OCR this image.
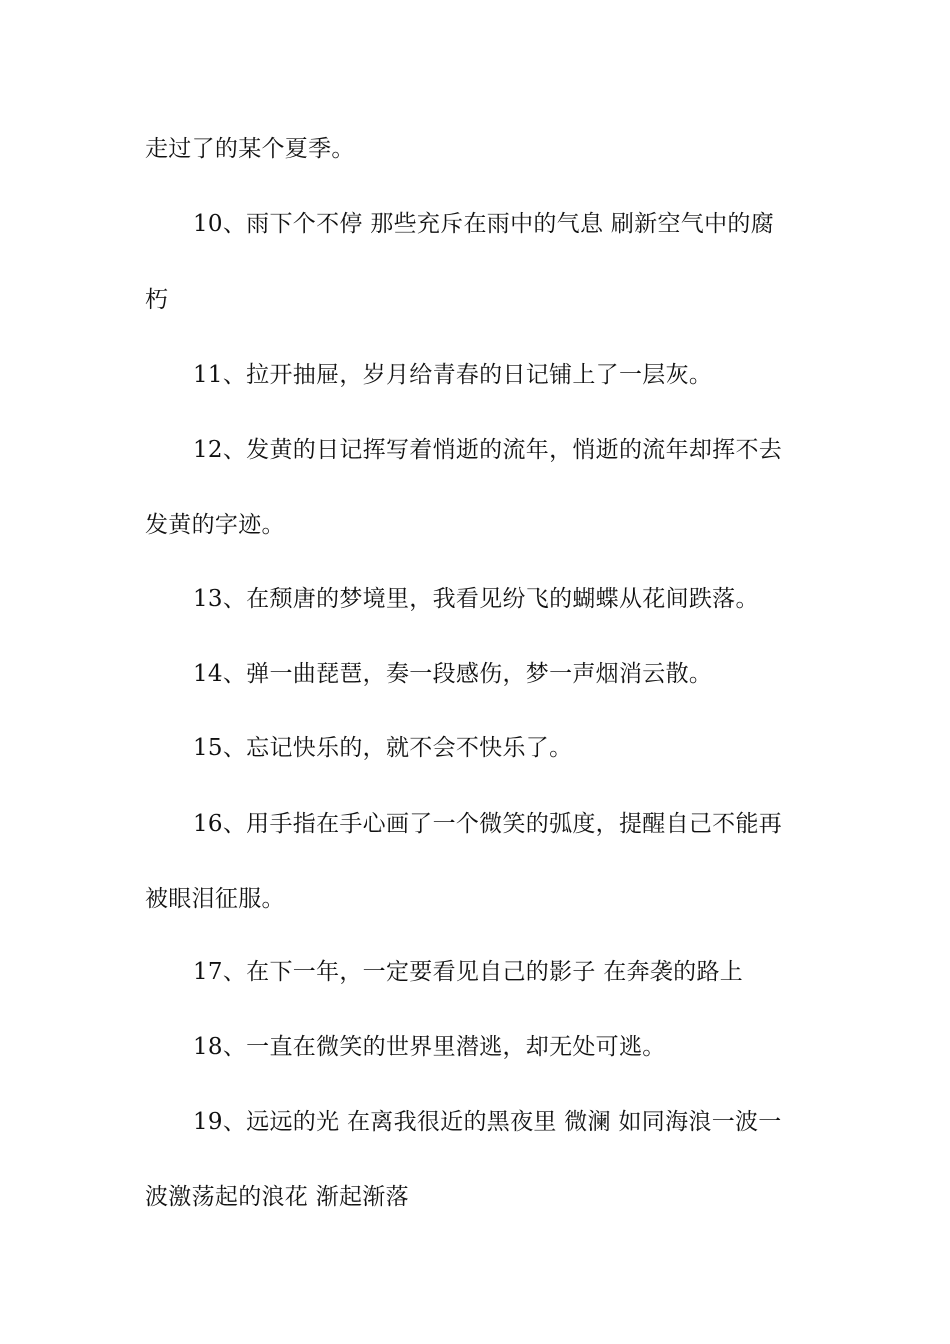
走过了的某个夏季。
10、雨下个不停 那些充斥在雨中的气息 刷新空气中的腐
朽
11、拉开抽屉，岁月给青春的日记铺上了一层灰。
12、发黄的日记挥写着悄逝的流年，悄逝的流年却挥不去
发黄的字迹。
13、在颓唐的梦境里，我看见纷飞的蝴蝶从花间跌落。
14、弹一曲琵琶，奏一段感伤，梦一声烟消云散。
15、忘记快乐的，就不会不快乐了。
16、用手指在手心画了一个微笑的弧度，提醒自己不能再
被眼泪征服。
17、在下一年，一定要看见自己的影子 在奔袭的路上
18、一直在微笑的世界里潜逃，却无处可逃。
19、远远的光 在离我很近的黑夜里 微澜 如同海浪一波一
波激荡起的浪花 渐起渐落
